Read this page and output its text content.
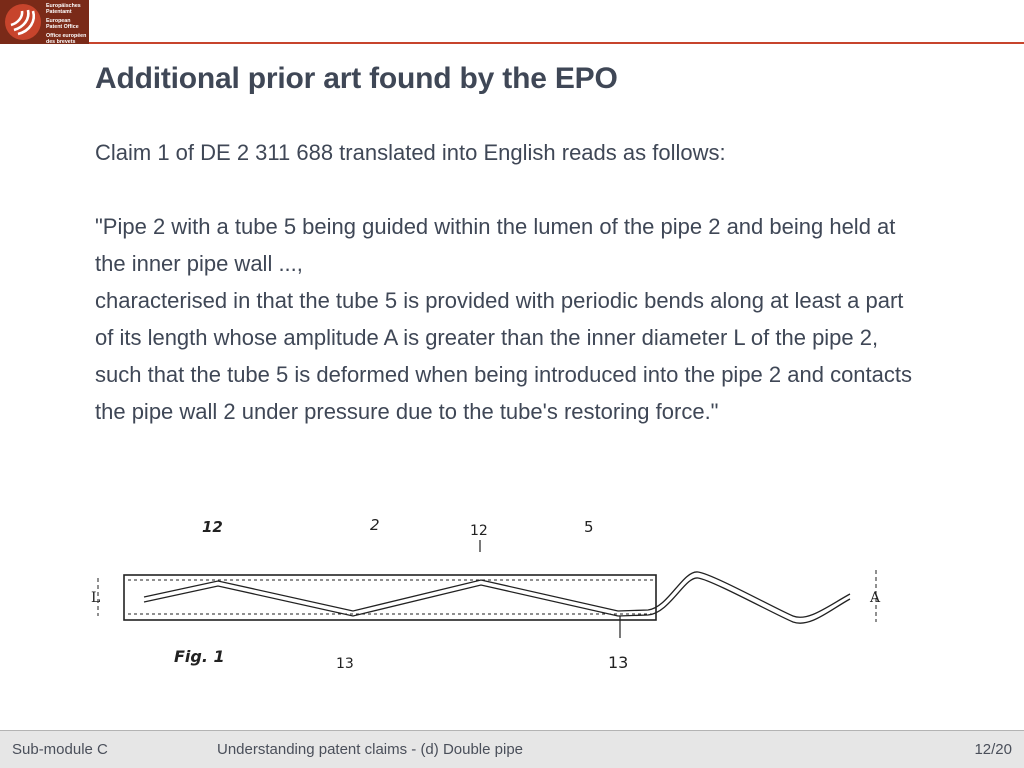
Europäisches
Patentamt
European
Patent Office
Office européen
des brevets
Additional prior art found by the EPO

Claim 1 of DE 2 311 688 translated into English reads as follows:

"Pipe 2 with a tube 5 being guided within the lumen of the pipe 2 and being held at the inner pipe wall ...,

characterised in that the tube 5 is provided with periodic bends along at least a part of its length whose amplitude A is greater than the inner diameter L of the pipe 2,

such that the tube 5 is deformed when being introduced into the pipe 2 and contacts the pipe wall 2 under pressure due to the tube's restoring force."

L	A
12	2	12	5
13	13
Fig. 1
Sub-module C	Understanding patent claims - (d) Double pipe	12/20
